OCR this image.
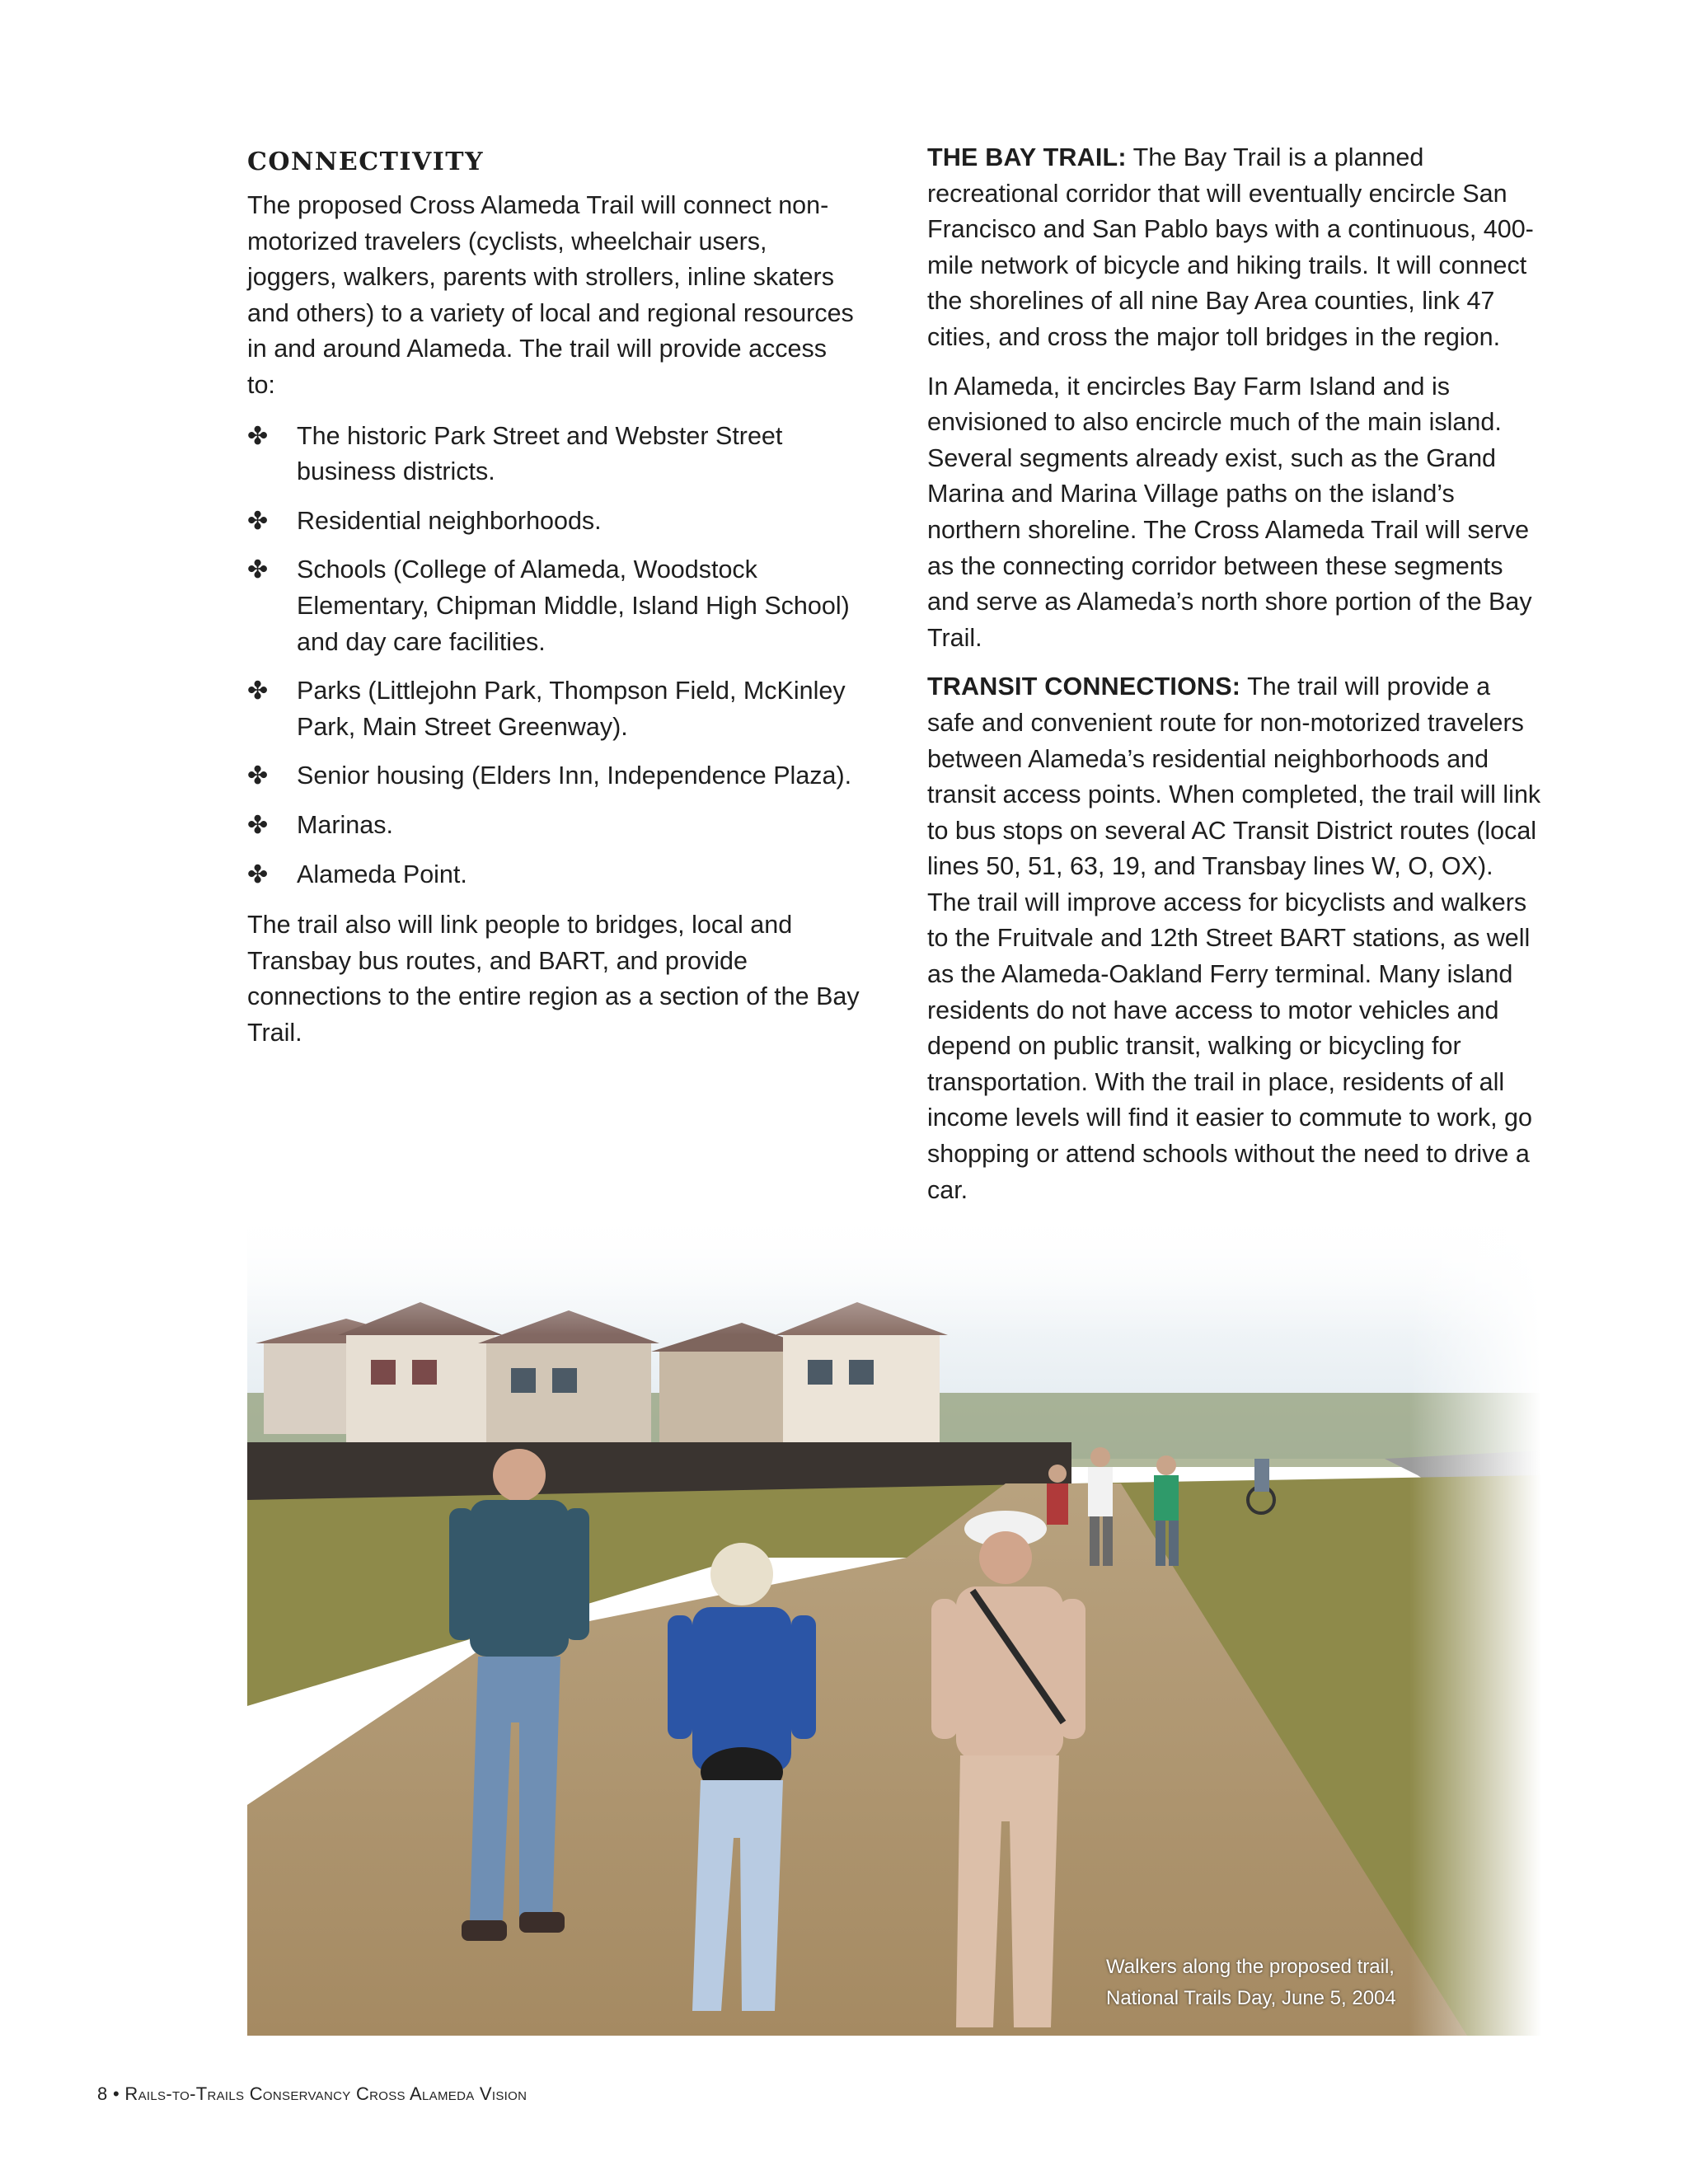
CONNECTIVITY

The proposed Cross Alameda Trail will connect non-motorized travelers (cyclists, wheelchair users, joggers, walkers, parents with strollers, inline skaters and others) to a variety of local and regional resources in and around Alameda. The trail will provide access to:

✤ The historic Park Street and Webster Street business districts.
✤ Residential neighborhoods.
✤ Schools (College of Alameda, Woodstock Elementary, Chipman Middle, Island High School) and day care facilities.
✤ Parks (Littlejohn Park, Thompson Field, McKinley Park, Main Street Greenway).
✤ Senior housing (Elders Inn, Independence Plaza).
✤ Marinas.
✤ Alameda Point.

The trail also will link people to bridges, local and Transbay bus routes, and BART, and provide connections to the entire region as a section of the Bay Trail.

THE BAY TRAIL: The Bay Trail is a planned recreational corridor that will eventually encircle San Francisco and San Pablo bays with a continuous, 400-mile network of bicycle and hiking trails. It will connect the shorelines of all nine Bay Area counties, link 47 cities, and cross the major toll bridges in the region.

In Alameda, it encircles Bay Farm Island and is envisioned to also encircle much of the main island. Several segments already exist, such as the Grand Marina and Marina Village paths on the island’s northern shoreline. The Cross Alameda Trail will serve as the connecting corridor between these segments and serve as Alameda’s north shore portion of the Bay Trail.

TRANSIT CONNECTIONS: The trail will provide a safe and convenient route for non-motorized travelers between Alameda’s residential neighborhoods and transit access points. When completed, the trail will link to bus stops on several AC Transit District routes (local lines 50, 51, 63, 19, and Transbay lines W, O, OX). The trail will improve access for bicyclists and walkers to the Fruitvale and 12th Street BART stations, as well as the Alameda-Oakland Ferry terminal. Many island residents do not have access to motor vehicles and depend on public transit, walking or bicycling for transportation. With the trail in place, residents of all income levels will find it easier to commute to work, go shopping or attend schools without the need to drive a car.

Walkers along the proposed trail,
National Trails Day, June 5, 2004
8 • Rails-to-Trails Conservancy Cross Alameda Vision
